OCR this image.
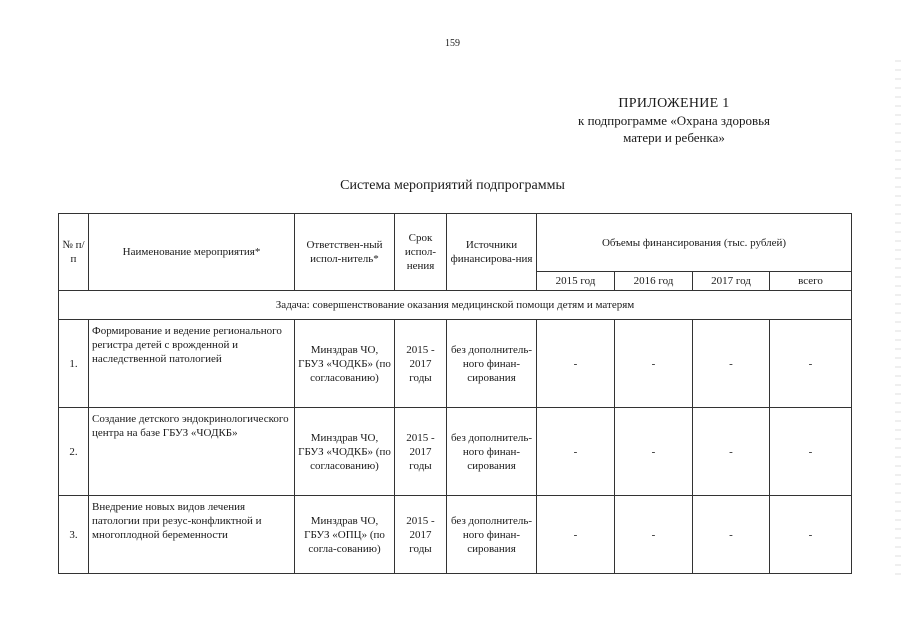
159
ПРИЛОЖЕНИЕ 1
к подпрограмме «Охрана здоровья
матери и ребенка»
Система мероприятий подпрограммы
№ п/п	Наименование мероприятия*	Ответствен-ный испол-нитель*	Срок испол-нения	Источники финансирова-ния	Объемы финансирования (тыс. рублей)			
					2015 год	2016 год	2017 год	всего
Задача: совершенствование оказания медицинской помощи детям и матерям								
1.	Формирование и ведение регионального регистра детей с врожденной и наследственной патологией	Минздрав ЧО, ГБУЗ «ЧОДКБ» (по согласованию)	2015 - 2017 годы	без дополнитель-ного финан-сирования	-	-	-	-
2.	Создание детского эндокринологического центра на базе ГБУЗ «ЧОДКБ»	Минздрав ЧО, ГБУЗ «ЧОДКБ» (по согласованию)	2015 - 2017 годы	без дополнитель-ного финан-сирования	-	-	-	-
3.	Внедрение новых видов лечения патологии при резус-конфликтной и многоплодной беременности	Минздрав ЧО, ГБУЗ «ОПЦ» (по согла-сованию)	2015 - 2017 годы	без дополнитель-ного финан-сирования	-	-	-	-
